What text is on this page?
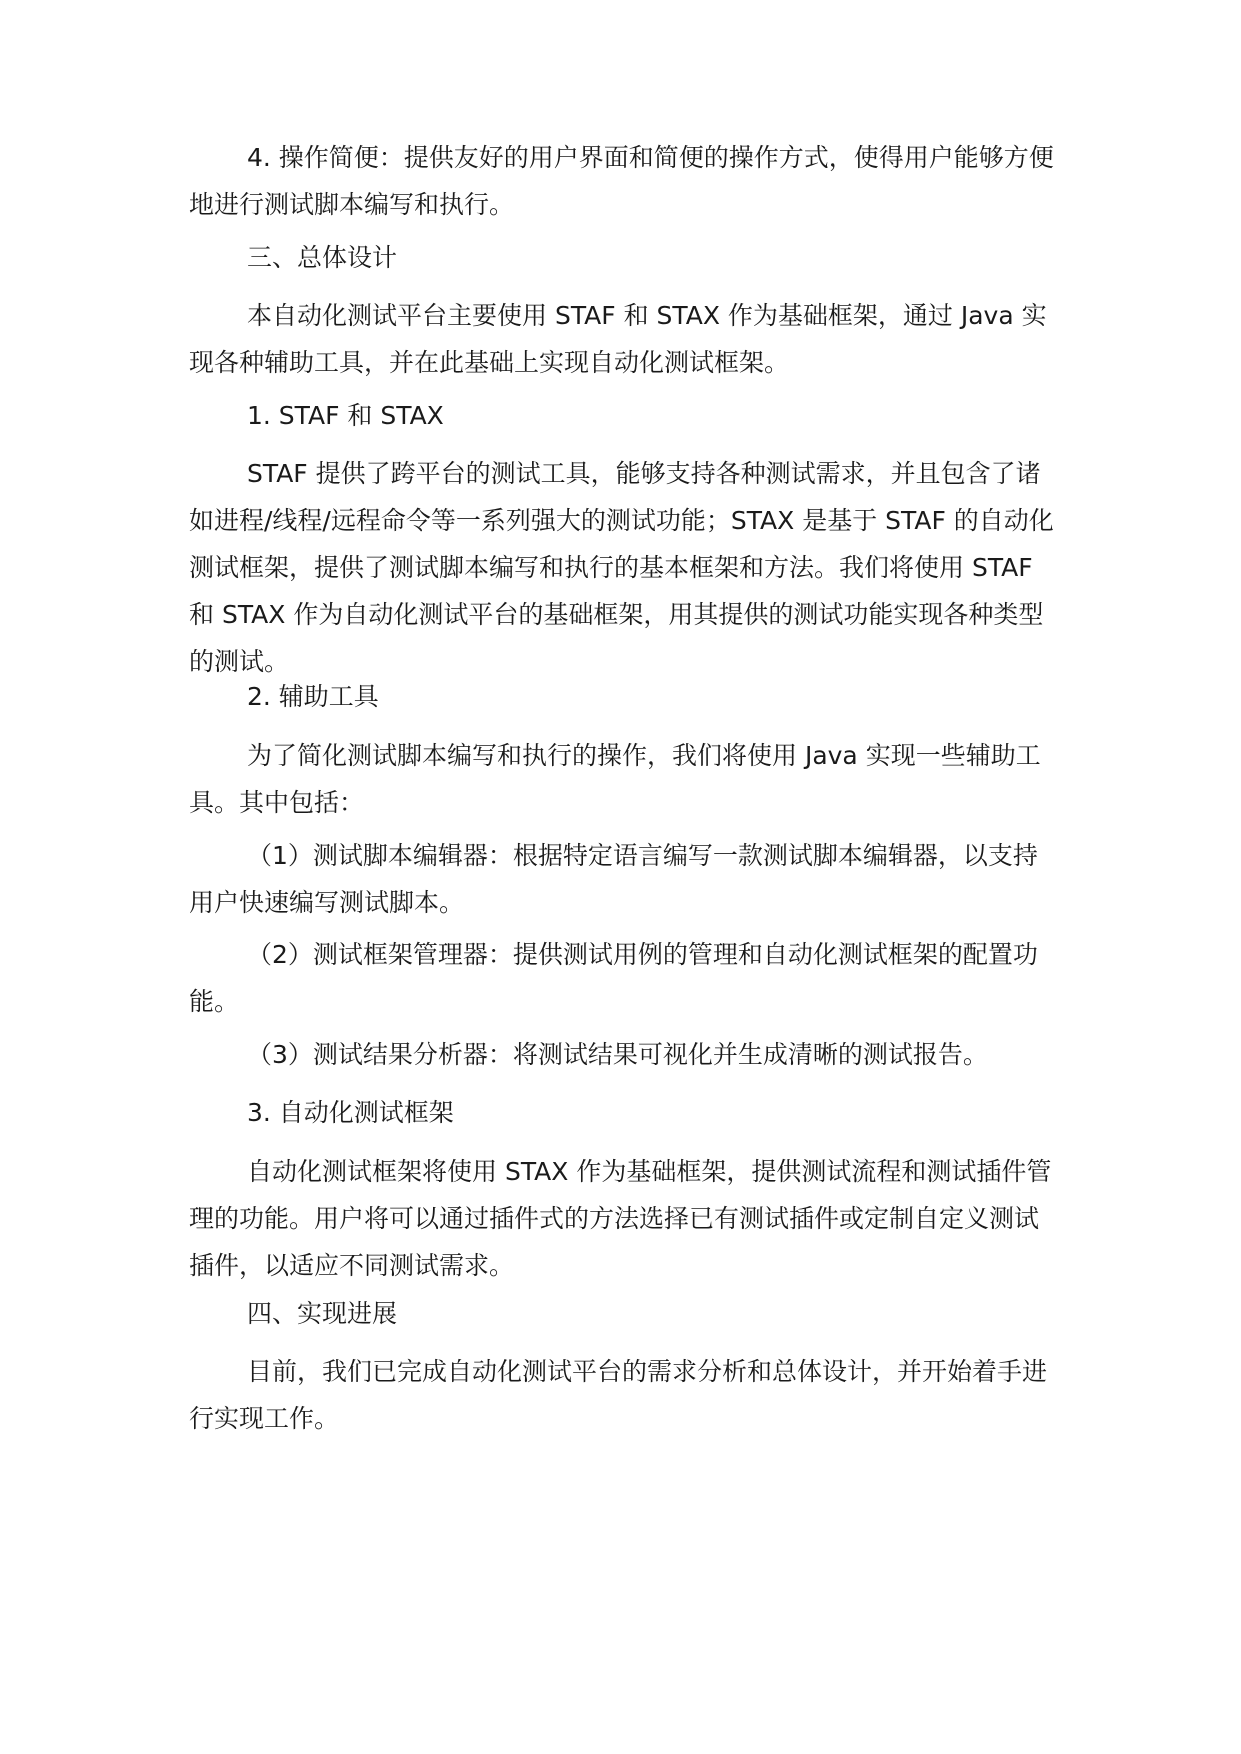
4. 操作简便：提供友好的用户界面和简便的操作方式，使得用户能够方便地进行测试脚本编写和执行。

三、总体设计

本自动化测试平台主要使用 STAF 和 STAX 作为基础框架，通过 Java 实现各种辅助工具，并在此基础上实现自动化测试框架。

1. STAF 和 STAX

STAF 提供了跨平台的测试工具，能够支持各种测试需求，并且包含了诸如进程/线程/远程命令等一系列强大的测试功能；STAX 是基于 STAF 的自动化测试框架，提供了测试脚本编写和执行的基本框架和方法。我们将使用 STAF 和 STAX 作为自动化测试平台的基础框架，用其提供的测试功能实现各种类型的测试。

2. 辅助工具

为了简化测试脚本编写和执行的操作，我们将使用 Java 实现一些辅助工具。其中包括：

（1）测试脚本编辑器：根据特定语言编写一款测试脚本编辑器，以支持用户快速编写测试脚本。

（2）测试框架管理器：提供测试用例的管理和自动化测试框架的配置功能。

（3）测试结果分析器：将测试结果可视化并生成清晰的测试报告。

3. 自动化测试框架

自动化测试框架将使用 STAX 作为基础框架，提供测试流程和测试插件管理的功能。用户将可以通过插件式的方法选择已有测试插件或定制自定义测试插件，以适应不同测试需求。

四、实现进展

目前，我们已完成自动化测试平台的需求分析和总体设计，并开始着手进行实现工作。
